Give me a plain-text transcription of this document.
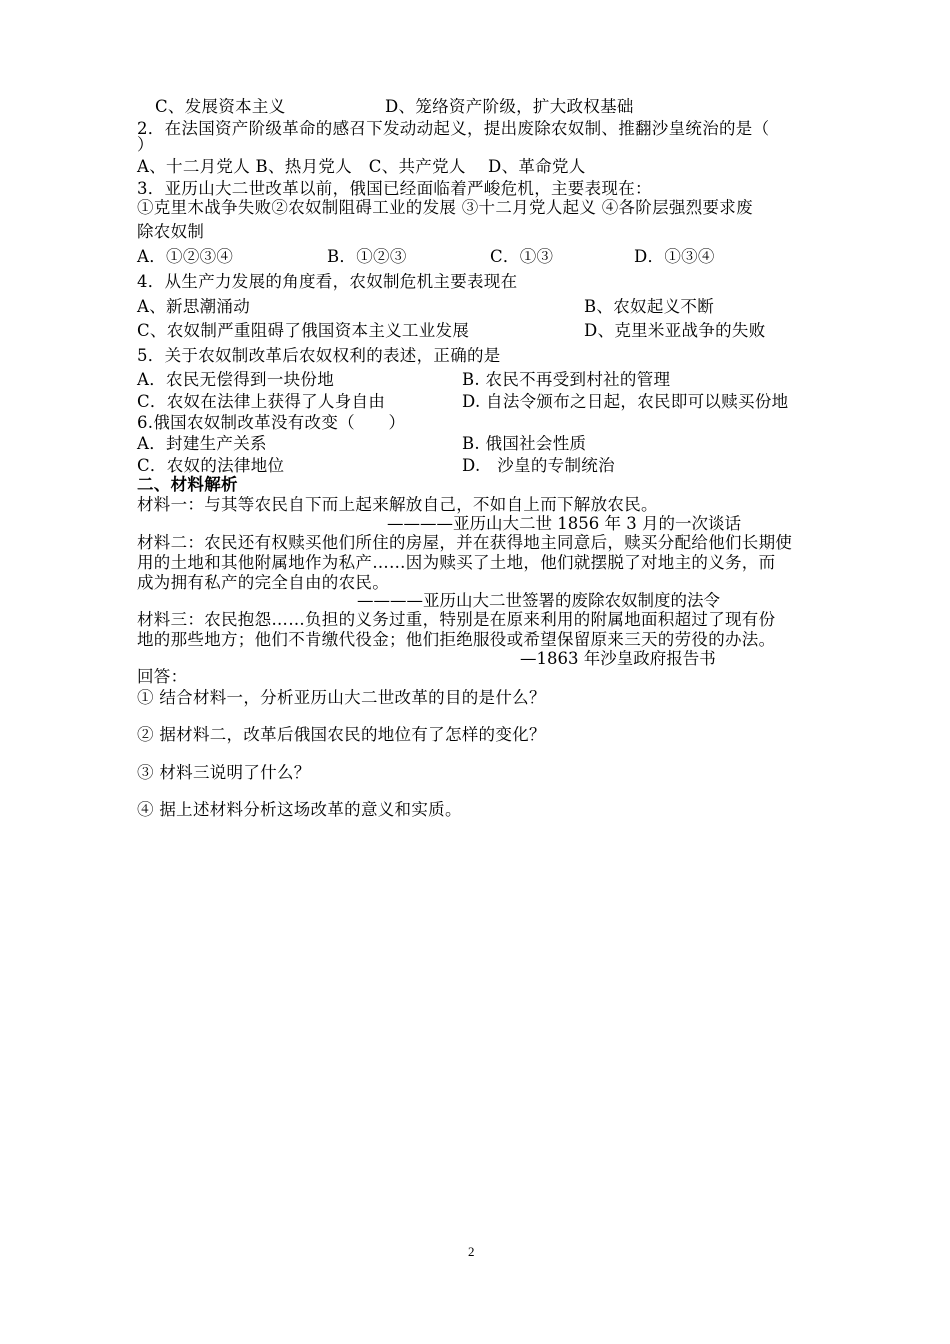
C、发展资本主义	D、笼络资产阶级，扩大政权基础
2．在法国资产阶级革命的感召下发动动起义，提出废除农奴制、推翻沙皇统治的是（
）
A、十二月党人 B、热月党人　C、共产党人　 D、革命党人
3．亚历山大二世改革以前，俄国已经面临着严峻危机，主要表现在：
①克里木战争失败②农奴制阻碍工业的发展 ③十二月党人起义 ④各阶层强烈要求废
除农奴制
A．①②③④	B．①②③	C．①③	D．①③④
4．从生产力发展的角度看，农奴制危机主要表现在
A、新思潮涌动	B、农奴起义不断
C、农奴制严重阻碍了俄国资本主义工业发展	D、克里米亚战争的失败
5．关于农奴制改革后农奴权利的表述，正确的是
A．农民无偿得到一块份地	B. 农民不再受到村社的管理
C．农奴在法律上获得了人身自由	D. 自法令颁布之日起，农民即可以赎买份地
6.俄国农奴制改革没有改变（　　）
A．封建生产关系	B. 俄国社会性质
C．农奴的法律地位	D.　沙皇的专制统治
二、材料解析
材料一：与其等农民自下而上起来解放自己，不如自上而下解放农民。
————亚历山大二世 1856 年 3 月的一次谈话
材料二：农民还有权赎买他们所住的房屋，并在获得地主同意后，赎买分配给他们长期使
用的土地和其他附属地作为私产……因为赎买了土地，他们就摆脱了对地主的义务，而
成为拥有私产的完全自由的农民。
————亚历山大二世签署的废除农奴制度的法令
材料三：农民抱怨……负担的义务过重，特别是在原来利用的附属地面积超过了现有份
地的那些地方；他们不肯缴代役金；他们拒绝服役或希望保留原来三天的劳役的办法。
—1863 年沙皇政府报告书
回答：
① 结合材料一，分析亚历山大二世改革的目的是什么？
② 据材料二，改革后俄国农民的地位有了怎样的变化？
③ 材料三说明了什么？
④ 据上述材料分析这场改革的意义和实质。
2
